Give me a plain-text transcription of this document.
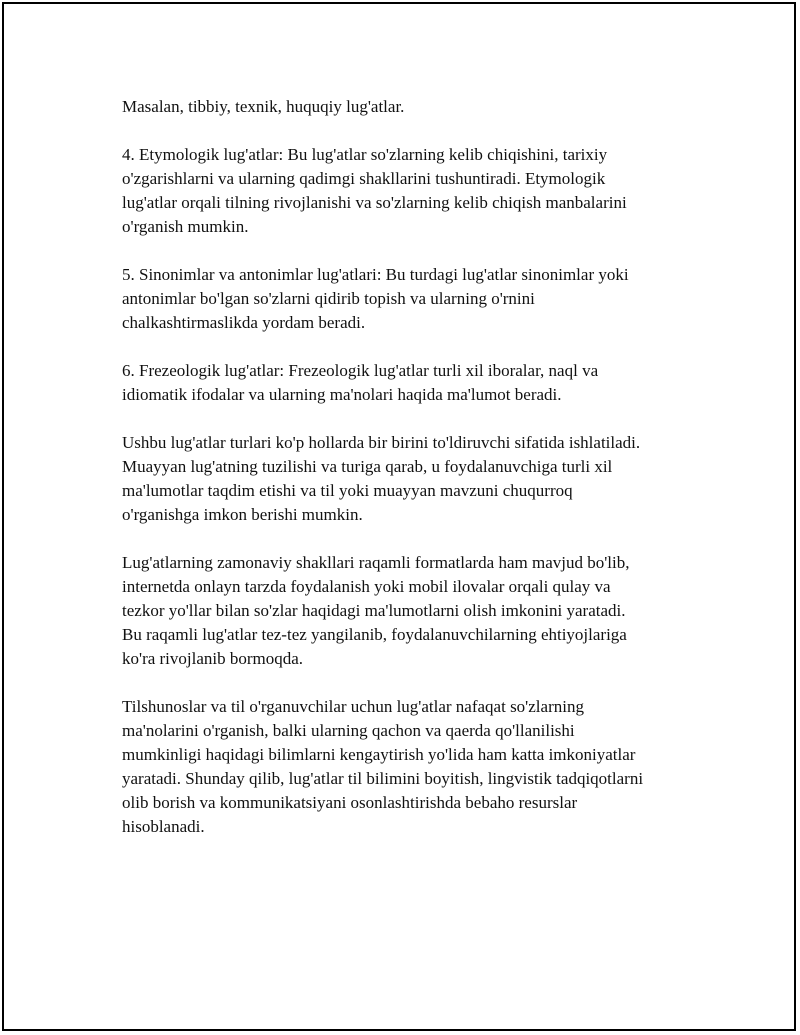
Masalan, tibbiy, texnik, huquqiy lug'atlar.

4. Etymologik lug'atlar: Bu lug'atlar so'zlarning kelib chiqishini, tarixiy
o'zgarishlarni va ularning qadimgi shakllarini tushuntiradi. Etymologik
lug'atlar orqali tilning rivojlanishi va so'zlarning kelib chiqish manbalarini
o'rganish mumkin.

5. Sinonimlar va antonimlar lug'atlari: Bu turdagi lug'atlar sinonimlar yoki
antonimlar bo'lgan so'zlarni qidirib topish va ularning o'rnini
chalkashtirmaslikda yordam beradi.

6. Frezeologik lug'atlar: Frezeologik lug'atlar turli xil iboralar, naql va
idiomatik ifodalar va ularning ma'nolari haqida ma'lumot beradi.

Ushbu lug'atlar turlari ko'p hollarda bir birini to'ldiruvchi sifatida ishlatiladi.
Muayyan lug'atning tuzilishi va turiga qarab, u foydalanuvchiga turli xil
ma'lumotlar taqdim etishi va til yoki muayyan mavzuni chuqurroq
o'rganishga imkon berishi mumkin.

Lug'atlarning zamonaviy shakllari raqamli formatlarda ham mavjud bo'lib,
internetda onlayn tarzda foydalanish yoki mobil ilovalar orqali qulay va
tezkor yo'llar bilan so'zlar haqidagi ma'lumotlarni olish imkonini yaratadi.
Bu raqamli lug'atlar tez-tez yangilanib, foydalanuvchilarning ehtiyojlariga
ko'ra rivojlanib bormoqda.

Tilshunoslar va til o'rganuvchilar uchun lug'atlar nafaqat so'zlarning
ma'nolarini o'rganish, balki ularning qachon va qaerda qo'llanilishi
mumkinligi haqidagi bilimlarni kengaytirish yo'lida ham katta imkoniyatlar
yaratadi. Shunday qilib, lug'atlar til bilimini boyitish, lingvistik tadqiqotlarni
olib borish va kommunikatsiyani osonlashtirishda bebaho resurslar
hisoblanadi.
